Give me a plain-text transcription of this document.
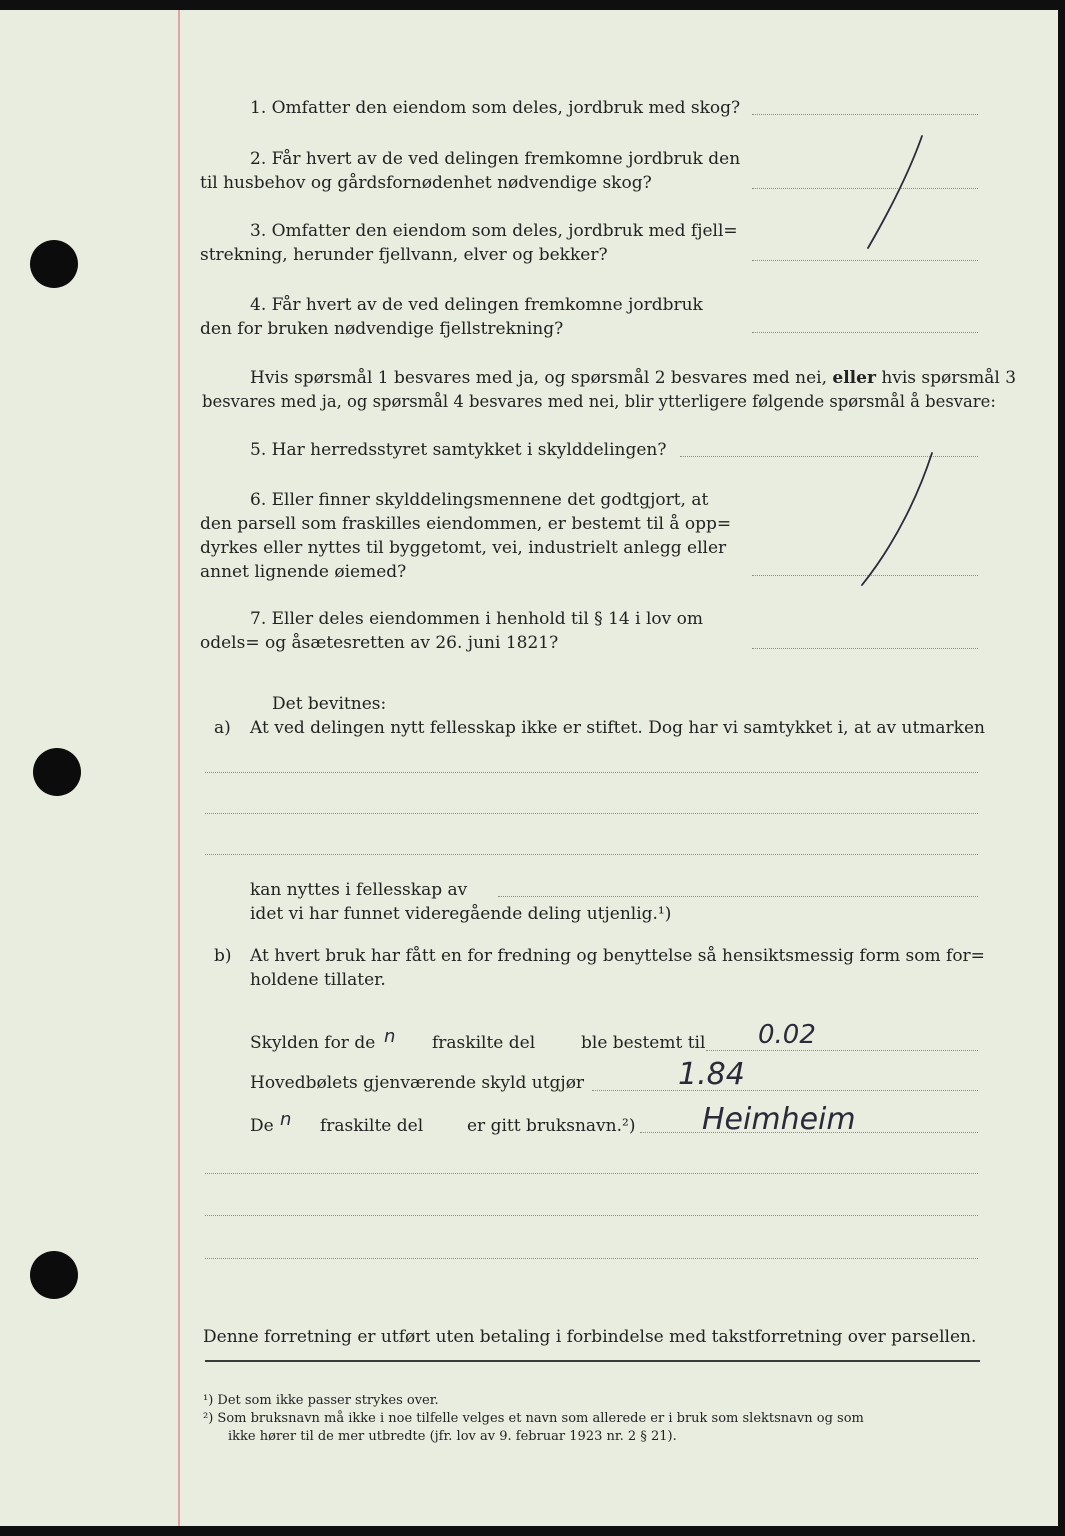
1. Omfatter den eiendom som deles, jordbruk med skog?

2. Får hvert av de ved delingen fremkomne jordbruk den

til husbehov og gårdsfornødenhet nødvendige skog?

3. Omfatter den eiendom som deles, jordbruk med fjell=

strekning, herunder fjellvann, elver og bekker?

4. Får hvert av de ved delingen fremkomne jordbruk

den for bruken nødvendige fjellstrekning?

Hvis spørsmål 1 besvares med ja, og spørsmål 2 besvares med nei, eller hvis spørsmål 3

besvares med ja, og spørsmål 4 besvares med nei, blir ytterligere følgende spørsmål å besvare:

5. Har herredsstyret samtykket i skylddelingen?

6. Eller finner skylddelingsmennene det godtgjort, at

den parsell som fraskilles eiendommen, er bestemt til å opp=

dyrkes eller nyttes til byggetomt, vei, industrielt anlegg eller

annet lignende øiemed?

7. Eller deles eiendommen i henhold til § 14 i lov om

odels= og åsætesretten av 26. juni 1821?

Det bevitnes:

a) At ved delingen nytt fellesskap ikke er stiftet. Dog har vi samtykket i, at av utmarken

kan nyttes i fellesskap av

idet vi har funnet videregående deling utjenlig.¹)

b) At hvert bruk har fått en for fredning og benyttelse så hensiktsmessig form som for=

holdene tillater.

Skylden for de n fraskilte del	ble bestemt til 0.02

Hovedbølets gjenværende skyld utgjør	1.84

De n fraskilte del	er gitt bruksnavn.²) Heimheim

Denne forretning er utført uten betaling i forbindelse med takstforretning over parsellen.

¹) Det som ikke passer strykes over.

²) Som bruksnavn må ikke i noe tilfelle velges et navn som allerede er i bruk som slektsnavn og som

ikke hører til de mer utbredte (jfr. lov av 9. februar 1923 nr. 2 § 21).
